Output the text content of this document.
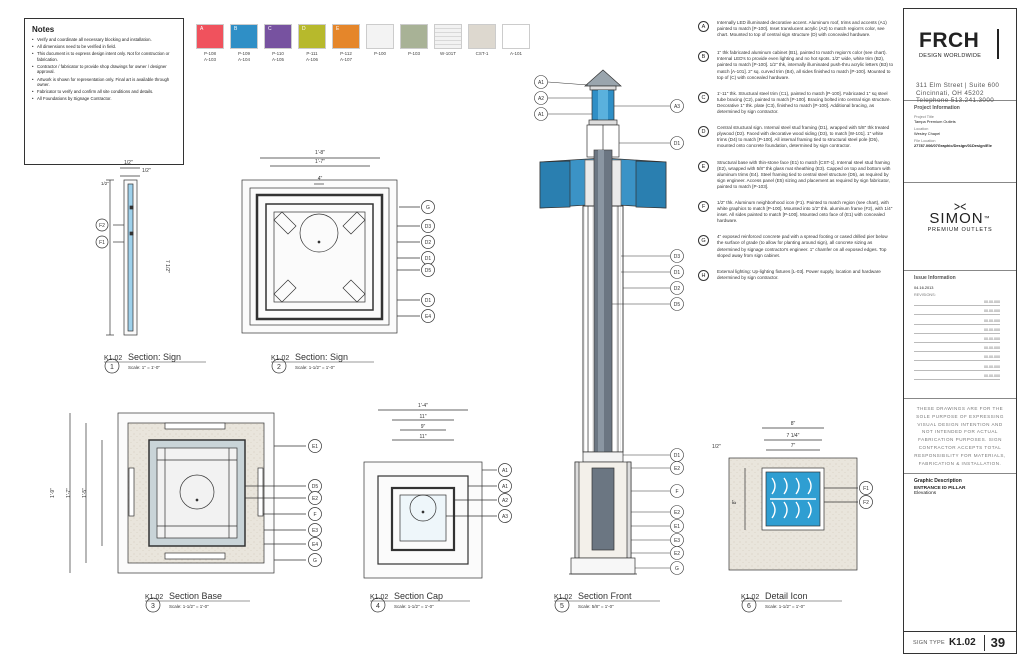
Notes
• Verify and coordinate all necessary blocking and installation.
• All dimensions need to be verified in field.
• This document is to express design intent only. Not for construction or fabrication.
• Contractor / fabricator to provide shop drawings for owner / designer approval.
• Artwork is shown for representation only. Final art is available through owner.
• Fabricator to verify and confirm all site conditions and details.
• All Foundations by Signage Contractor.
A
P-108
A-103
B
P-109
A-104
C
P-110
A-105
D
P-111
A-106
E
P-112
A-107
P-100	P-103	W-101T	CST-1	A-101
1/2"
1/2"
1/2"
7 1/2"
F2
F1
1'-8"
1'-7"
4"
G
D3
D2
D1
D5
D1
E4
1'-9" 1'-7" 1'-5"
E1
D5
E2
F
E3
E4
G
1'-4"
11"
9"
11"
A1
A1
A2
A3
A1
A2
A1
A3
D1
D3
D1
D2
D5
D1
E2
F
E2
E1
E3
E2
G
8"
7 1/4"
7"
1/2"
8"
F1
F2
K1.02 Section: Sign
1	Scale: 1" = 1'-0"
K1.02 Section: Sign
2	Scale: 1-1/2" = 1'-0"
K1.02 Section Base
3	Scale: 1-1/2" = 1'-0"
K1.02 Section Cap
4	Scale: 1-1/2" = 1'-0"
K1.02 Section Front
5	Scale: 5/8" = 1'-0"
K1.02 Detail Icon
6	Scale: 1-1/2" = 1'-0"
A

Internally LED illuminated decorative accent. Aluminum roof, trims and accents (A1) painted to match [P-100]. Inset translucent acrylic (A2) to match region's color, see chart. Mounted to top of central sign structure (D) with concealed hardware.

B

1" thk fabricated aluminum cabinet (B1), painted to match region's color (see chart). Internal LED's to provide even lighting and no hot spots. 1/2" wide, white trim (B2), painted to match [P-100]. 1/2" thk, internally illuminated push-thru acrylic letters (B3) to match [A-101]. 2" sq. curved trim (B4), all sides finished to match [P-100]. Mounted to top of (C) with concealed hardware.

C

1'-11" thk. Structural steel trim (C1), painted to match [P-100]. Fabricated 1" sq steel tube bracing (C2), painted to match [P-100]. Bracing bolted into central sign structure. Decorative 1" thk. plate (C3), finished to match [P-100]. Additional bracing, as determined by sign contractor.

D

Central structural sign. Internal steel stud framing (D1), wrapped with 5/8" thk treated plywood (D2). Faced with decorative wood siding (D3), to match [W-101]. 1" white trims (D4) to match [P-100]. All internal framing tied to structural steel pole (D5), mounted onto concrete foundation, determined by sign contractor.

E

Structural base with thin-stone face (E1) to match [CST-1]. Internal steel stud framing (E2), wrapped with 5/8" thk glass mat sheathing (E3). Capped on top and bottom with aluminum trims (E4). Steel framing tied to central steel structure (D5), as required by sign engineer. Access panel (E5) sizing and placement as required by sign fabricator, painted to match [P-103].

F

1/2" thk. Aluminum neighborhood icon (F1). Painted to match region (see chart), with white graphics to match [P-100]. Mounted into 1/2" thk. aluminum frame (F2), with 1/4" inset. All sides painted to match [P-100]. Mounted onto face of (E1) with concealed hardware.

G

4" exposed reinforced concrete pad with a spread footing or cased drilled pier below the surface of grade (to allow for planting around sign), all concrete sizing as determined by signage contractor's engineer. 1" chamfer on all exposed edges. Top sloped away from sign cabinet.

H

External lighting: Up-lighting fixtures [L-03]. Power supply, location and hardware determined by sign contractor.

FRCH
DESIGN WORLDWIDE
311 Elm Street | Suite 600
Cincinnati, OH 45202
Telephone 513.241.3000
Project Information
Project Title
Tampa Premium Outlets
Location
Wesley Chapel
File Location
27787.006/07Graphic/Design/01Design/Ele
⪥
SIMON™
PREMIUM OUTLETS
Issue Information
04.16.2013
REVISIONS:
00.00.000
00.00.000
00.00.000
00.00.000
00.00.000
00.00.000
00.00.000
00.00.000
00.00.000
THESE DRAWINGS ARE FOR THE SOLE PURPOSE OF EXPRESSING VISUAL DESIGN INTENTION AND NOT INTENDED FOR ACTUAL FABRICATION PURPOSES. SIGN CONTRACTOR ACCEPTS TOTAL RESPONSIBILITY FOR MATERIALS, FABRICATION & INSTALLATION.
Graphic Description
ENTRANCE ID PILLAR
Elevations
SIGN TYPE K1.02 39
